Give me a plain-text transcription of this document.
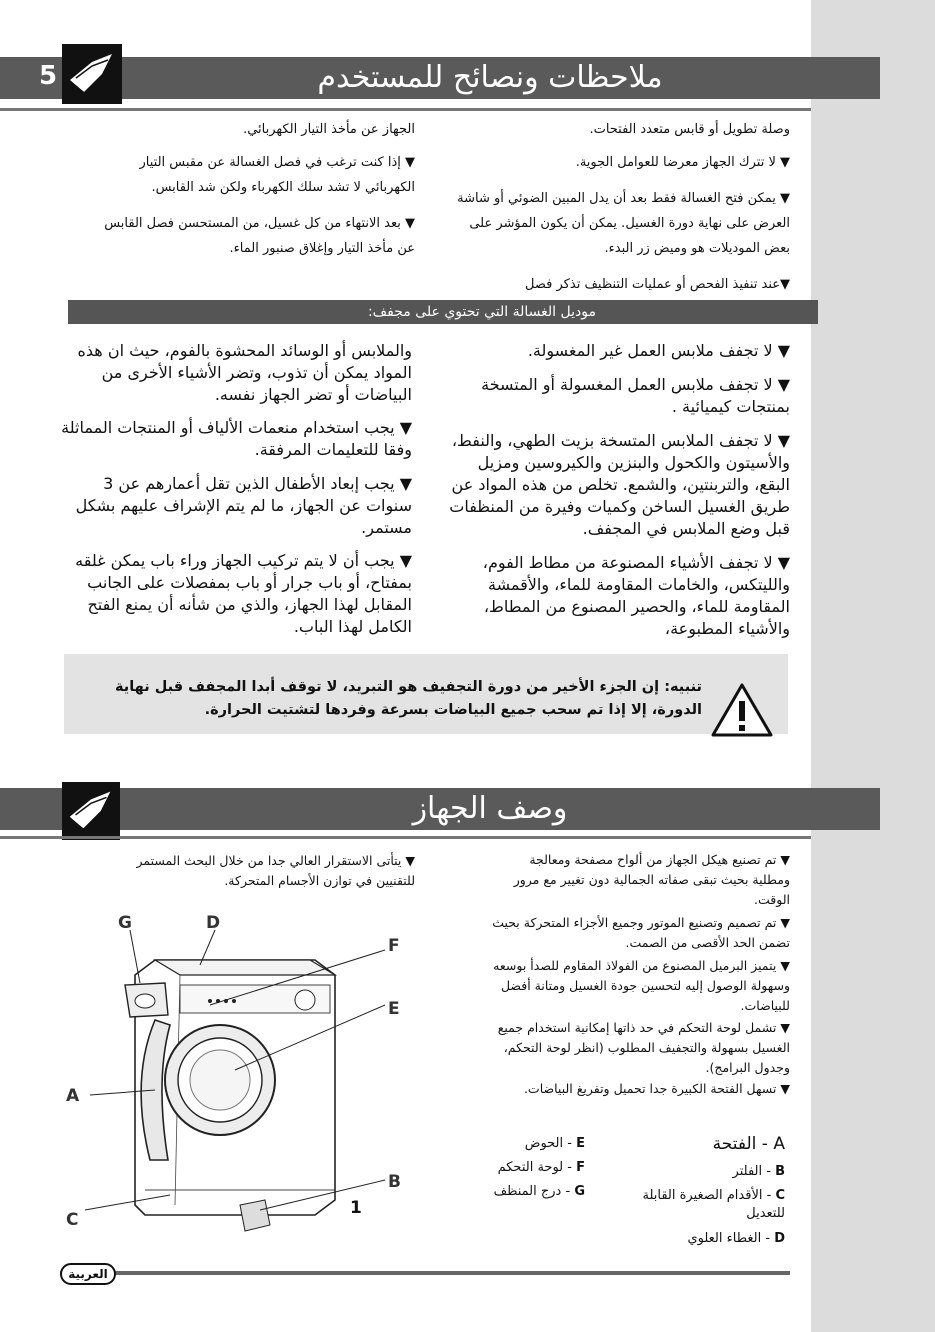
ملاحظات ونصائح للمستخدم
5
وصلة تطويل أو قابس متعدد الفتحات.
▼ لا تترك الجهاز معرضا للعوامل الجوية.
▼ يمكن فتح الغسالة فقط بعد أن يدل المبين الضوئي أو شاشة العرض على نهاية دورة الغسيل. يمكن أن يكون المؤشر على بعض الموديلات هو وميض زر البدء.
▼عند تنفيذ الفحص أو عمليات التنظيف تذكر فصل
الجهاز عن مأخذ التيار الكهربائي.
▼ إذا كنت ترغب في فصل الغسالة عن مقبس التيار الكهربائي لا تشد سلك الكهرباء ولكن شد القابس.
▼ بعد الانتهاء من كل غسيل، من المستحسن فصل القابس عن مأخذ التيار وإغلاق صنبور الماء.
موديل الغسالة التي تحتوي على مجفف:
▼ لا تجفف ملابس العمل غير المغسولة.
▼ لا تجفف ملابس العمل المغسولة أو المتسخة بمنتجات كيميائية .
▼ لا تجفف الملابس المتسخة بزيت الطهي، والنفط، والأسيتون والكحول والبنزين والكيروسين ومزيل البقع، والتربنتين، والشمع. تخلص من هذه المواد عن طريق الغسيل الساخن وكميات وفيرة من المنظفات قبل وضع الملابس في المجفف.
▼ لا تجفف الأشياء المصنوعة من مطاط الفوم، والليتكس، والخامات المقاومة للماء، والأقمشة المقاومة للماء، والحصير المصنوع من المطاط، والأشياء المطبوعة،
والملابس أو الوسائد المحشوة بالفوم، حيث ان هذه المواد يمكن أن تذوب، وتضر الأشياء الأخرى من البياضات أو تضر الجهاز نفسه.
▼ يجب استخدام منعمات الألياف أو المنتجات المماثلة وفقا للتعليمات المرفقة.
▼ يجب إبعاد الأطفال الذين تقل أعمارهم عن 3 سنوات عن الجهاز، ما لم يتم الإشراف عليهم بشكل مستمر.
▼ يجب أن لا يتم تركيب الجهاز وراء باب يمكن غلقه بمفتاح، أو باب جرار أو باب بمفصلات على الجانب المقابل لهذا الجهاز، والذي من شأنه أن يمنع الفتح الكامل لهذا الباب.
تنبيه: إن الجزء الأخير من دورة التجفيف هو التبريد، لا توقف أبدا المجفف قبل نهاية الدورة، إلا إذا تم سحب جميع البياضات بسرعة وفردها لتشتيت الحرارة.
وصف الجهاز
▼ تم تصنيع هيكل الجهاز من ألواح مصفحة ومعالجة ومطلية بحيث تبقى صفاته الجمالية دون تغيير مع مرور الوقت.
▼ تم تصميم وتصنيع الموتور وجميع الأجزاء المتحركة بحيث تضمن الحد الأقصى من الصمت.
▼ يتميز البرميل المصنوع من الفولاذ المقاوم للصدأ بوسعه وسهولة الوصول إليه لتحسين جودة الغسيل ومتانة أفضل للبياضات.
▼ تشمل لوحة التحكم في حد ذاتها إمكانية استخدام جميع الغسيل بسهولة والتجفيف المطلوب (انظر لوحة التحكم، وجدول البرامج).
▼ تسهل الفتحة الكبيرة جدا تحميل وتفريغ البياضات.
▼ يتأتى الاستقرار العالي جدا من خلال البحث المستمر للتقنيين في توازن الأجسام المتحركة.
G	D
F
E
A
B
C
1
A - الفتحة
B - الفلتر
C - الأقدام الصغيرة القابلة للتعديل
D - الغطاء العلوي
E - الحوض
F - لوحة التحكم
G - درج المنظف
العربية
